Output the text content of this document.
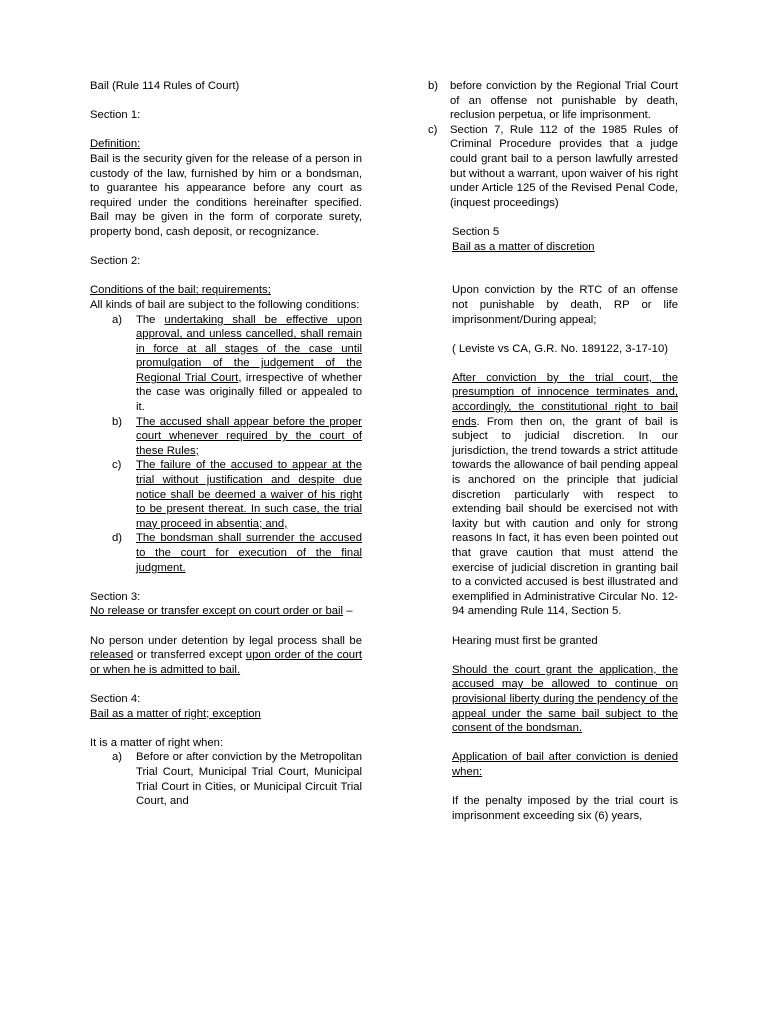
Bail (Rule 114 Rules of Court)

Section 1:

Definition:

Bail is the security given for the release of a person in custody of the law, furnished by him or a bondsman, to guarantee his appearance before any court as required under the conditions hereinafter specified. Bail may be given in the form of corporate surety, property bond, cash deposit, or recognizance.

Section 2:

Conditions of the bail; requirements;

All kinds of bail are subject to the following conditions:

a) The undertaking shall be effective upon approval, and unless cancelled, shall remain in force at all stages of the case until promulgation of the judgement of the Regional Trial Court, irrespective of whether the case was originally filled or appealed to it.
b) The accused shall appear before the proper court whenever required by the court of these Rules;
c) The failure of the accused to appear at the trial without justification and despite due notice shall be deemed a waiver of his right to be present thereat. In such case, the trial may proceed in absentia; and,
d) The bondsman shall surrender the accused to the court for execution of the final judgment.

Section 3:

No release or transfer except on court order or bail –

No person under detention by legal process shall be released or transferred except upon order of the court or when he is admitted to bail.

Section 4:

Bail as a matter of right; exception

It is a matter of right when:

a) Before or after conviction by the Metropolitan Trial Court, Municipal Trial Court, Municipal Trial Court in Cities, or Municipal Circuit Trial Court, and
b) before conviction by the Regional Trial Court of an offense not punishable by death, reclusion perpetua, or life imprisonment.
c) Section 7, Rule 112 of the 1985 Rules of Criminal Procedure provides that a judge could grant bail to a person lawfully arrested but without a warrant, upon waiver of his right under Article 125 of the Revised Penal Code, (inquest proceedings)

Section 5

Bail as a matter of discretion

Upon conviction by the RTC of an offense not punishable by death, RP or life imprisonment/During appeal;

( Leviste vs CA, G.R. No. 189122, 3-17-10)

After conviction by the trial court, the presumption of innocence terminates and, accordingly, the constitutional right to bail ends. From then on, the grant of bail is subject to judicial discretion. In our jurisdiction, the trend towards a strict attitude towards the allowance of bail pending appeal is anchored on the principle that judicial discretion particularly with respect to extending bail should be exercised not with laxity but with caution and only for strong reasons In fact, it has even been pointed out that grave caution that must attend the exercise of judicial discretion in granting bail to a convicted accused is best illustrated and exemplified in Administrative Circular No. 12-94 amending Rule 114, Section 5.

Hearing must first be granted

Should the court grant the application, the accused may be allowed to continue on provisional liberty during the pendency of the appeal under the same bail subject to the consent of the bondsman.

Application of bail after conviction is denied when:

If the penalty imposed by the trial court is imprisonment exceeding six (6) years,
